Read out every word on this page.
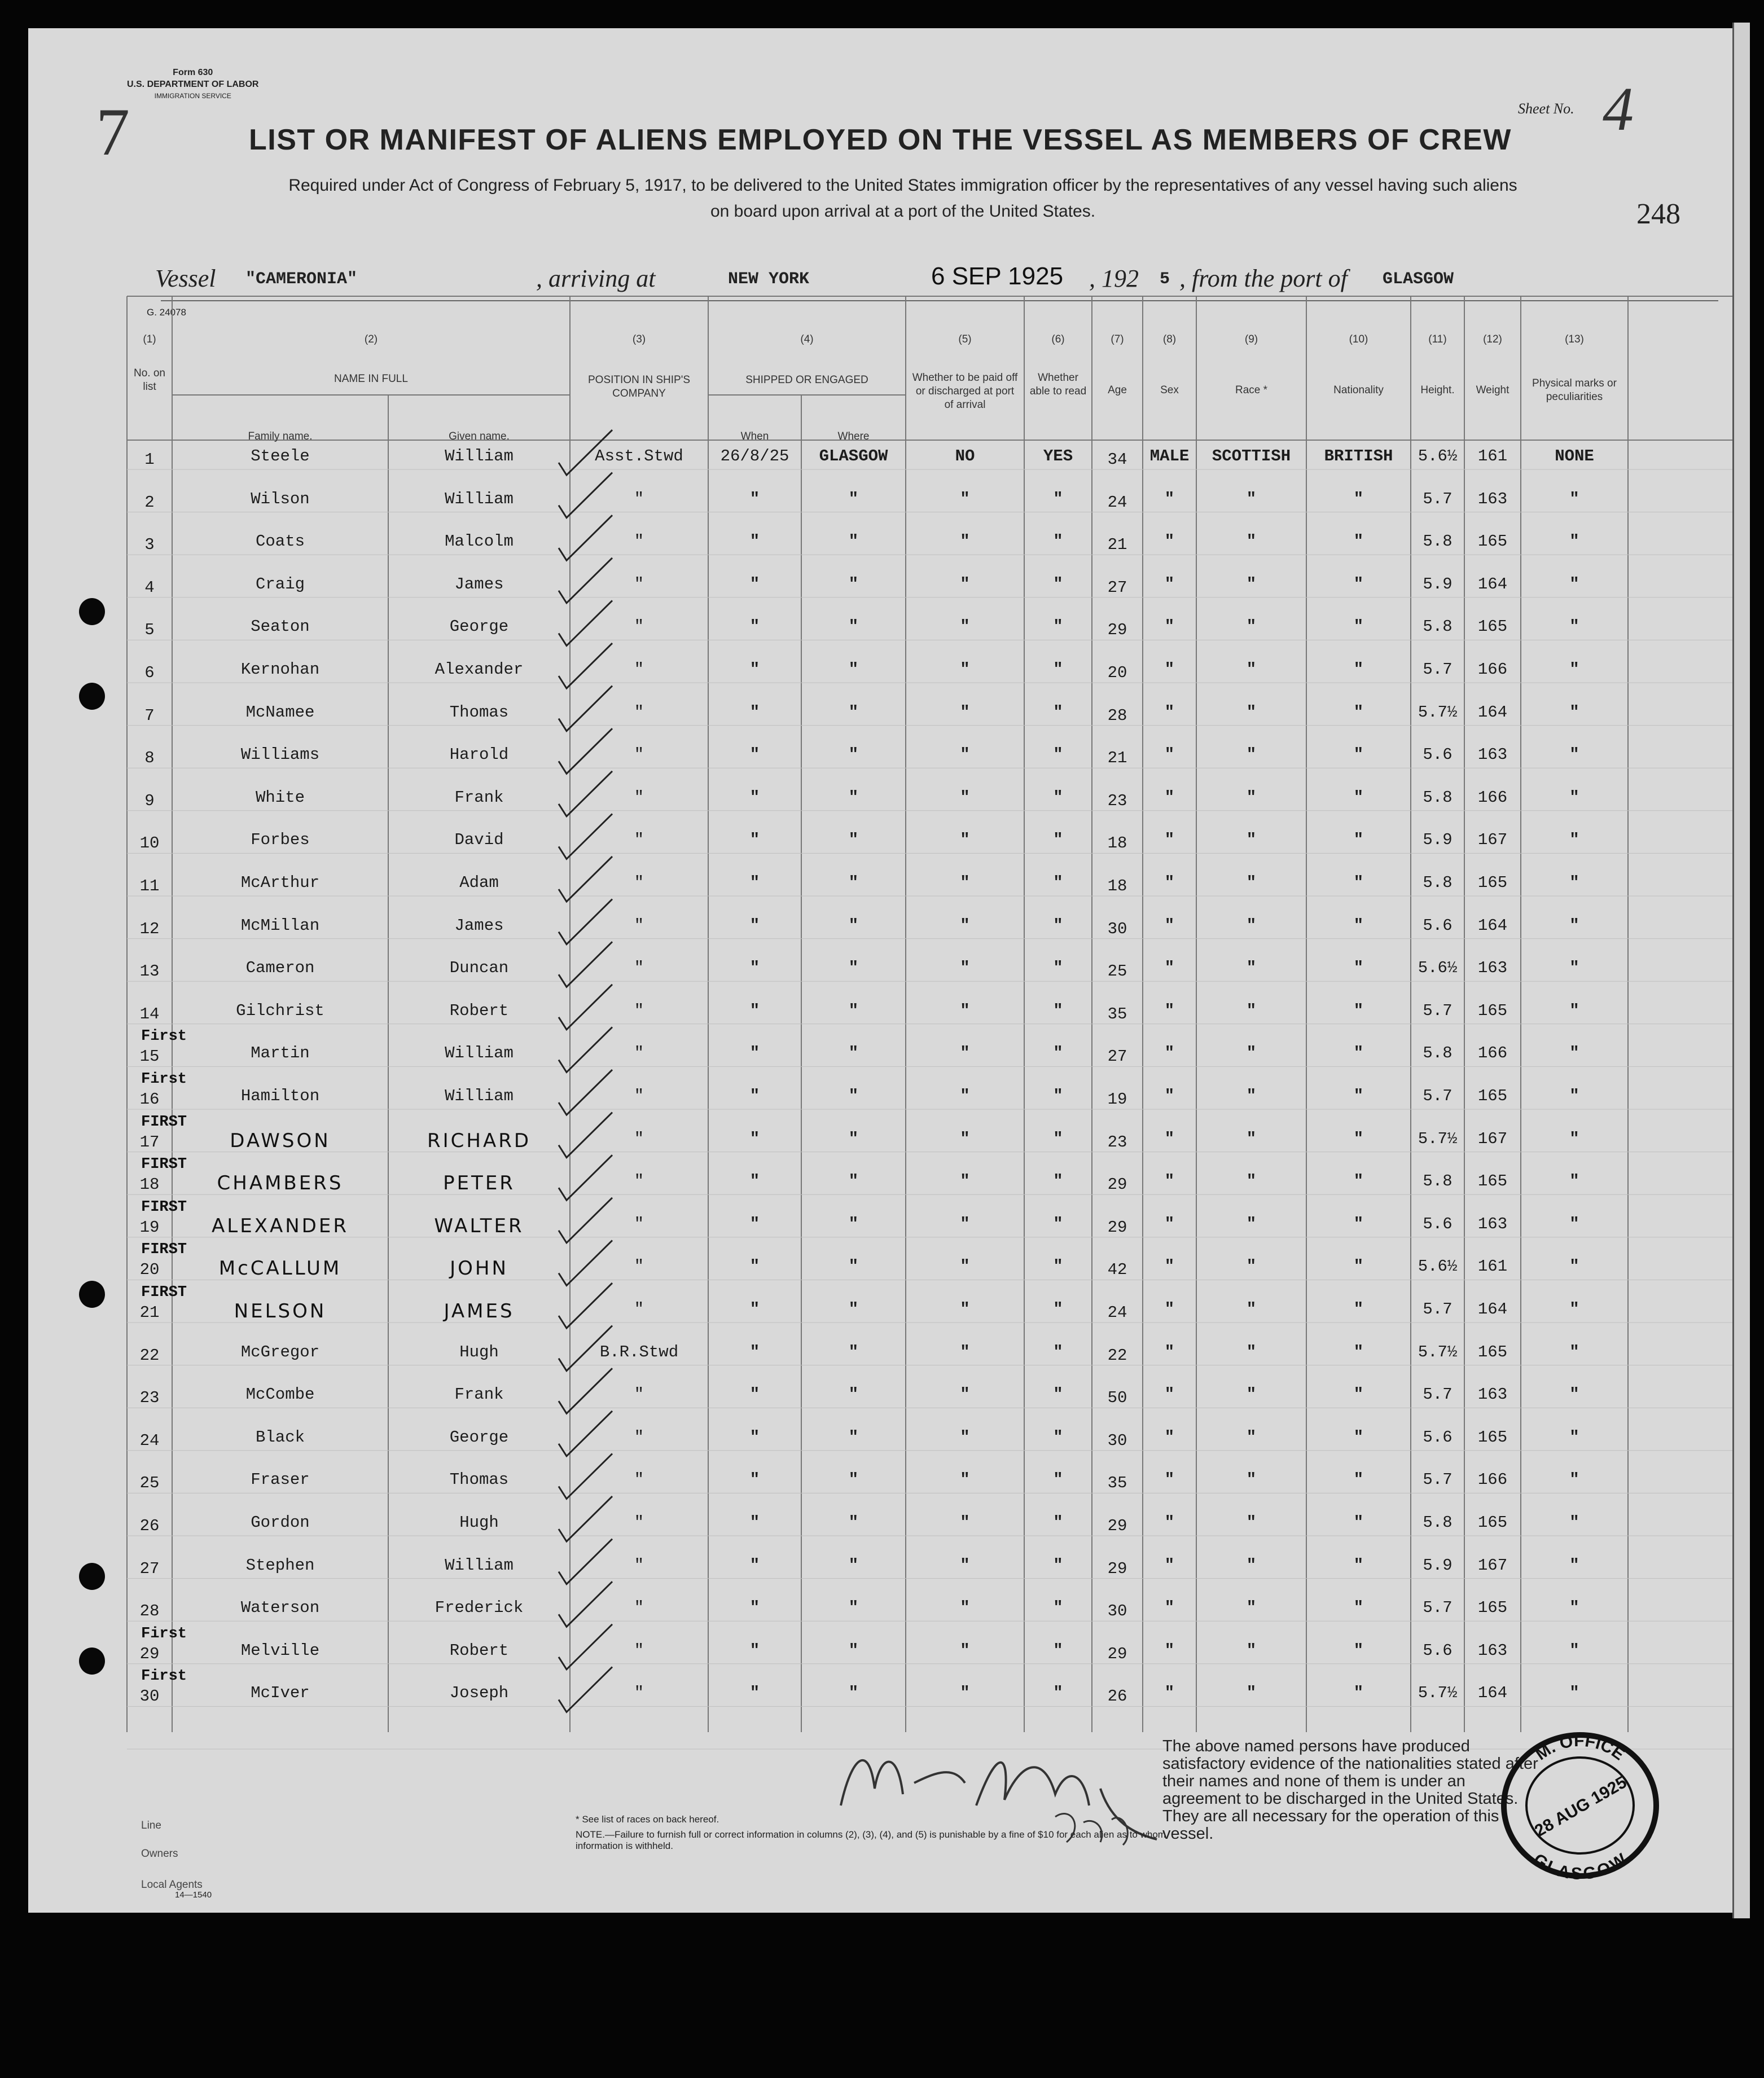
Form 630
U.S. DEPARTMENT OF LABOR
IMMIGRATION SERVICE
7	Sheet No. 4
LIST OR MANIFEST OF ALIENS EMPLOYED ON THE VESSEL AS MEMBERS OF CREW
Required under Act of Congress of February 5, 1917, to be delivered to the United States immigration officer by the representatives of any vessel having such aliens
on board upon arrival at a port of the United States.	248
Vessel "CAMERONIA"	, arriving at	NEW YORK	6 SEP 1925 , 192 5 , from the port of GLASGOW
G. 24078
(1)
No. on list
(2)
NAME IN FULL
Family name.	Given name.
(3)
POSITION IN SHIP'S COMPANY
(4)
SHIPPED OR ENGAGED
When	Where
(5)
Whether to be paid off or discharged at port of arrival
(6)
Whether able to read
(7)
Age
(8)
Sex
(9)
Race *
(10)
Nationality
(11)
Height.
(12)
Weight
(13)
Physical marks or peculiarities
1	Steele	William	Asst.Stwd	26/8/25	GLASGOW	NO	YES	34	MALE	SCOTTISH	BRITISH	5.6½	161	NONE
2	Wilson	William	"	"	"	"	"	24	"	"	"	5.7	163	"
3	Coats	Malcolm	"	"	"	"	"	21	"	"	"	5.8	165	"
4	Craig	James	"	"	"	"	"	27	"	"	"	5.9	164	"
5	Seaton	George	"	"	"	"	"	29	"	"	"	5.8	165	"
6	Kernohan	Alexander	"	"	"	"	"	20	"	"	"	5.7	166	"
7	McNamee	Thomas	"	"	"	"	"	28	"	"	"	5.7½	164	"
8	Williams	Harold	"	"	"	"	"	21	"	"	"	5.6	163	"
9	White	Frank	"	"	"	"	"	23	"	"	"	5.8	166	"
10	Forbes	David	"	"	"	"	"	18	"	"	"	5.9	167	"
11	McArthur	Adam	"	"	"	"	"	18	"	"	"	5.8	165	"
12	McMillan	James	"	"	"	"	"	30	"	"	"	5.6	164	"
13	Cameron	Duncan	"	"	"	"	"	25	"	"	"	5.6½	163	"
14	Gilchrist	Robert	"	"	"	"	"	35	"	"	"	5.7	165	"
15	Martin	William	"	"	"	"	"	27	"	"	"	5.8	166	"
First
16	Hamilton	William	"	"	"	"	"	19	"	"	"	5.7	165	"
First
17	DAWSON	RICHARD	"	"	"	"	"	23	"	"	"	5.7½	167	"
FIRST
18	CHAMBERS	PETER	"	"	"	"	"	29	"	"	"	5.8	165	"
FIRST
19	ALEXANDER	WALTER	"	"	"	"	"	29	"	"	"	5.6	163	"
FIRST
20	McCALLUM	JOHN	"	"	"	"	"	42	"	"	"	5.6½	161	"
FIRST
21	NELSON	JAMES	"	"	"	"	"	24	"	"	"	5.7	164	"
FIRST
22	McGregor	Hugh	B.R.Stwd	"	"	"	"	22	"	"	"	5.7½	165	"
23	McCombe	Frank	"	"	"	"	"	50	"	"	"	5.7	163	"
24	Black	George	"	"	"	"	"	30	"	"	"	5.6	165	"
25	Fraser	Thomas	"	"	"	"	"	35	"	"	"	5.7	166	"
26	Gordon	Hugh	"	"	"	"	"	29	"	"	"	5.8	165	"
27	Stephen	William	"	"	"	"	"	29	"	"	"	5.9	167	"
28	Waterson	Frederick	"	"	"	"	"	30	"	"	"	5.7	165	"
29	Melville	Robert	"	"	"	"	"	29	"	"	"	5.6	163	"
First
30	McIver	Joseph	"	"	"	"	"	26	"	"	"	5.7½	164	"
First
The above named persons have produced satisfactory evidence of the nationalities stated after their names and none of them is under an agreement to be discharged in the United States. They are all necessary for the operation of this vessel.
* See list of races on back hereof.
NOTE.—Failure to furnish full or correct information in columns (2), (3), (4), and (5) is punishable by a fine of $10 for each alien as to whom information is withheld.
Line
Owners
Local Agents
14—1540
M. OFFICE
GLASGOW
28 AUG 1925
